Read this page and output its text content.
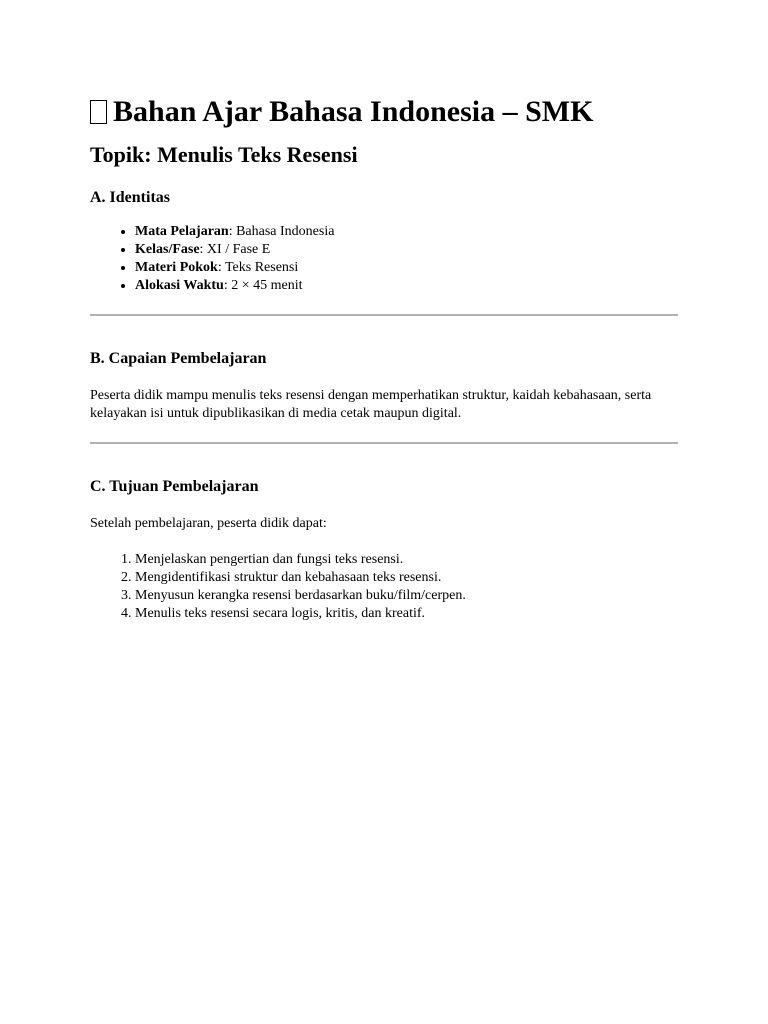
Bahan Ajar Bahasa Indonesia – SMK
Topik: Menulis Teks Resensi
A. Identitas
• Mata Pelajaran: Bahasa Indonesia
• Kelas/Fase: XI / Fase E
• Materi Pokok: Teks Resensi
• Alokasi Waktu: 2 × 45 menit
B. Capaian Pembelajaran

Peserta didik mampu menulis teks resensi dengan memperhatikan struktur, kaidah kebahasaan, serta kelayakan isi untuk dipublikasikan di media cetak maupun digital.

C. Tujuan Pembelajaran

Setelah pembelajaran, peserta didik dapat:

1. Menjelaskan pengertian dan fungsi teks resensi.
2. Mengidentifikasi struktur dan kebahasaan teks resensi.
3. Menyusun kerangka resensi berdasarkan buku/film/cerpen.
4. Menulis teks resensi secara logis, kritis, dan kreatif.
